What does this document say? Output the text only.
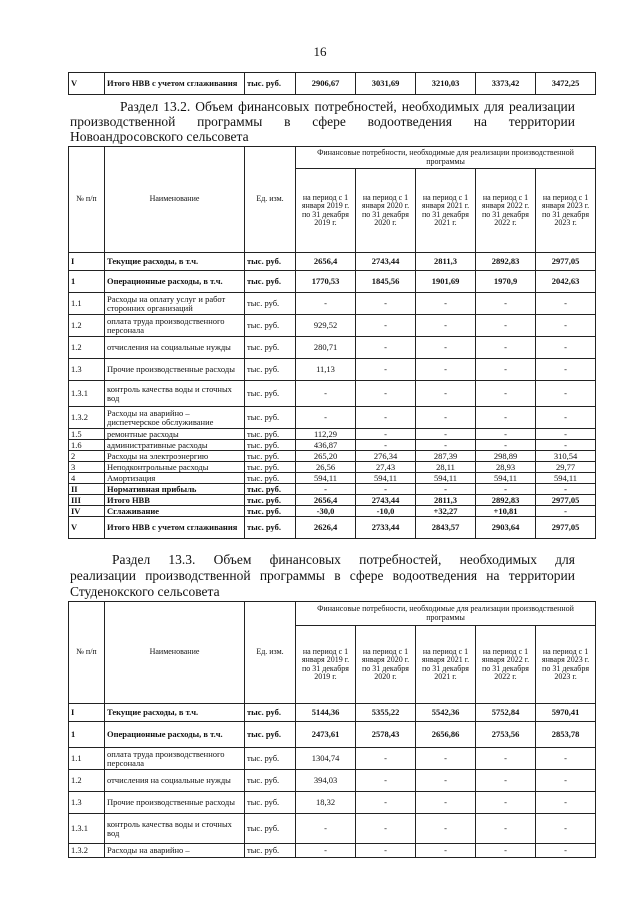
16
V	Итого НВВ с учетом сглаживания	тыс. руб.	2906,67	3031,69	3210,03	3373,42	3472,25
Раздел 13.2. Объем финансовых потребностей, необходимых для реализации
производственной программы в сфере водоотведения на территории
Новоандросовского сельсовета
№ п/п	Наименование	Ед. изм.	Финансовые потребности, необходимые для реализации производственной программы				
			на период с 1 января 2019 г. по 31 декабря 2019 г.	на период с 1 января 2020 г. по 31 декабря 2020 г.	на период с 1 января 2021 г. по 31 декабря 2021 г.	на период с 1 января 2022 г. по 31 декабря 2022 г.	на период с 1 января 2023 г. по 31 декабря 2023 г.
I	Текущие расходы, в т.ч.	тыс. руб.	2656,4	2743,44	2811,3	2892,83	2977,05
1	Операционные расходы, в т.ч.	тыс. руб.	1770,53	1845,56	1901,69	1970,9	2042,63
1.1	Расходы на оплату услуг и работ сторонних организаций	тыс. руб.	-	-	-	-	-
1.2	оплата труда производственного персонала	тыс. руб.	929,52	-	-	-	-
1.2	отчисления на социальные нужды	тыс. руб.	280,71	-	-	-	-
1.3	Прочие производственные расходы	тыс. руб.	11,13	-	-	-	-
1.3.1	контроль качества воды и сточных вод	тыс. руб.	-	-	-	-	-
1.3.2	Расходы на аварийно – диспетчерское обслуживание	тыс. руб.	-	-	-	-	-
1.5	ремонтные расходы	тыс. руб.	112,29	-	-	-	-
1.6	административные расходы	тыс. руб.	436,87	-	-	-	-
2	Расходы на электроэнергию	тыс. руб.	265,20	276,34	287,39	298,89	310,54
3	Неподконтрольные расходы	тыс. руб.	26,56	27,43	28,11	28,93	29,77
4	Амортизация	тыс. руб.	594,11	594,11	594,11	594,11	594,11
II	Нормативная прибыль	тыс. руб.	-	-	-	-	-
III	Итого НВВ	тыс. руб.	2656,4	2743,44	2811,3	2892,83	2977,05
IV	Сглаживание	тыс. руб.	-30,0	-10,0	+32,27	+10,81	-
V	Итого НВВ с учетом сглаживания	тыс. руб.	2626,4	2733,44	2843,57	2903,64	2977,05
Раздел 13.3. Объем финансовых потребностей, необходимых для
реализации производственной программы в сфере водоотведения на территории
Студенокского сельсовета
№ п/п	Наименование	Ед. изм.	Финансовые потребности, необходимые для реализации производственной программы				
			на период с 1 января 2019 г. по 31 декабря 2019 г.	на период с 1 января 2020 г. по 31 декабря 2020 г.	на период с 1 января 2021 г. по 31 декабря 2021 г.	на период с 1 января 2022 г. по 31 декабря 2022 г.	на период с 1 января 2023 г. по 31 декабря 2023 г.
I	Текущие расходы, в т.ч.	тыс. руб.	5144,36	5355,22	5542,36	5752,84	5970,41
1	Операционные расходы, в т.ч.	тыс. руб.	2473,61	2578,43	2656,86	2753,56	2853,78
1.1	оплата труда производственного персонала	тыс. руб.	1304,74	-	-	-	-
1.2	отчисления на социальные нужды	тыс. руб.	394,03	-	-	-	-
1.3	Прочие производственные расходы	тыс. руб.	18,32	-	-	-	-
1.3.1	контроль качества воды и сточных вод	тыс. руб.	-	-	-	-	-
1.3.2	Расходы на аварийно –	тыс. руб.	-	-	-	-	-
